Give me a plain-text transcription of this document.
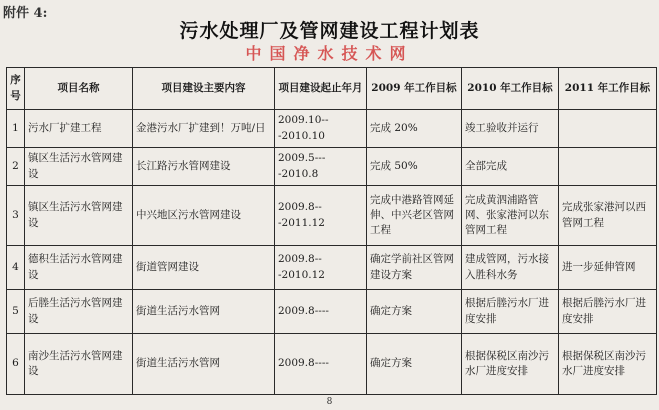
附件 4:
污水处理厂及管网建设工程计划表
中国净水技术网
序号	项目名称	项目建设主要内容	项目建设起止年月	2009 年工作目标	2010 年工作目标	2011 年工作目标
1	污水厂扩建工程	金港污水厂扩建到！万吨/日	2009.10---2010.10	完成 20%	竣工验收并运行	
2	镇区生活污水管网建设	长江路污水管网建设	2009.5----2010.8	完成 50%	全部完成	
3	镇区生活污水管网建设	中兴地区污水管网建设	2009.8---2011.12	完成中港路管网延伸、中兴老区管网工程	完成黄泗浦路管网、张家港河以东管网工程	完成张家港河以西管网工程
4	德积生活污水管网建设	街道管网建设	2009.8---2010.12	确定学前社区管网建设方案	建成管网，污水接入胜科水务	进一步延伸管网
5	后塍生活污水管网建设	街道生活污水管网	2009.8----	确定方案	根据后塍污水厂进度安排	根据后塍污水厂进度安排
6	南沙生活污水管网建设	街道生活污水管网	2009.8----	确定方案	根据保税区南沙污水厂进度安排	根据保税区南沙污水厂进度安排
8
